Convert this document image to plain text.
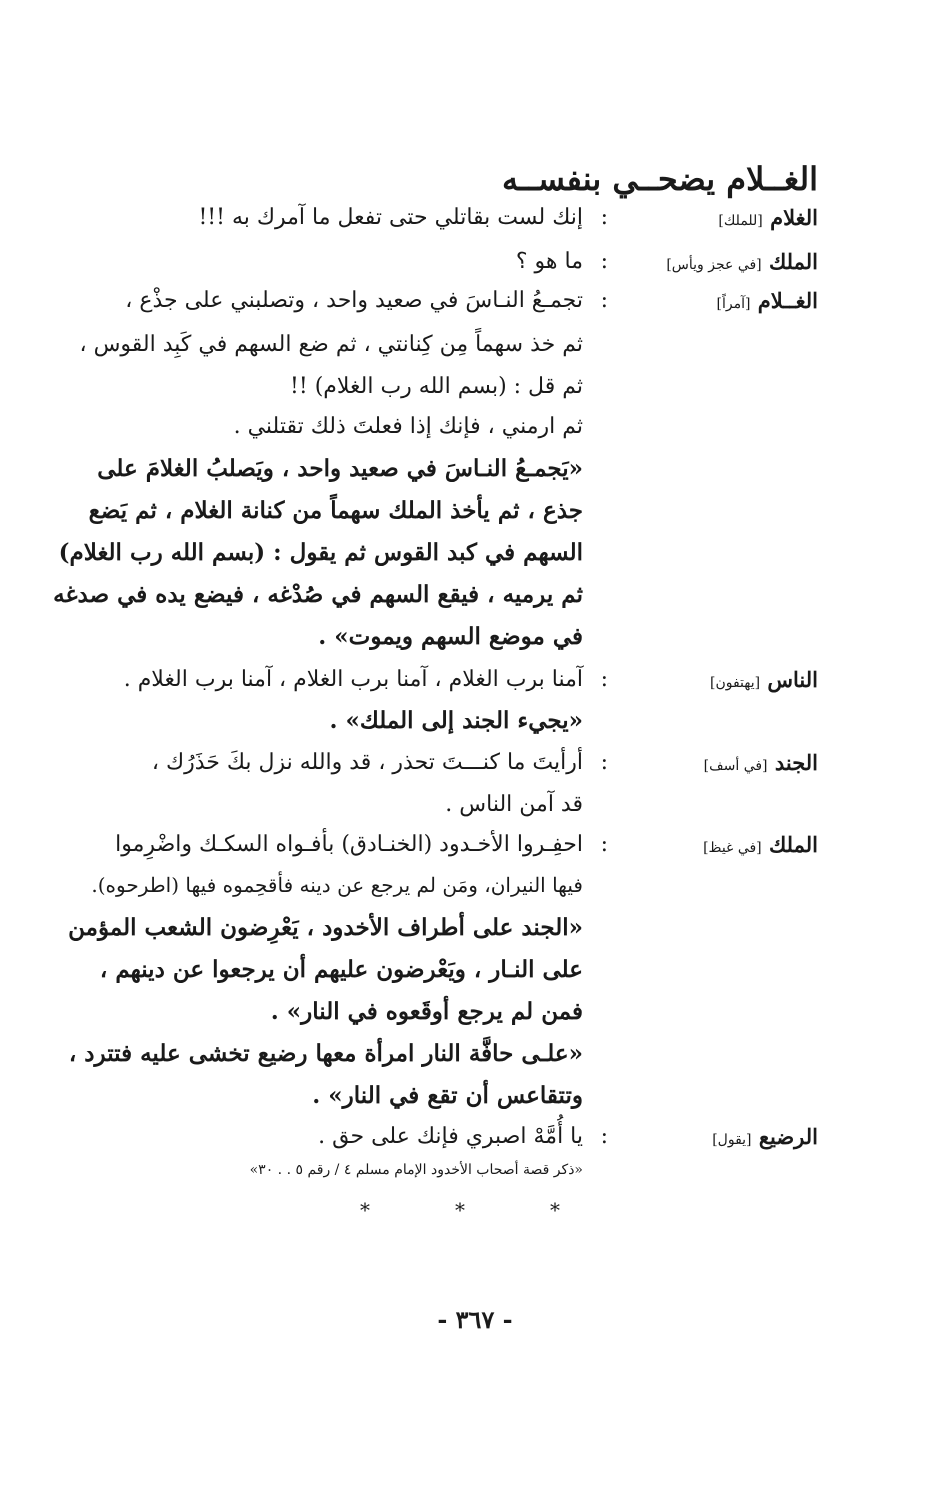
الغــلام يضحــي بنفســه
الغلام [للملك]
:
إنك لست بقاتلي حتى تفعل ما آمرك به !!!
الملك [في عجز ويأس]
:
ما هو ؟
الغــلام [آمراً]
:
تجمـعُ النـاسَ في صعيد واحد ، وتصلبني على جذْع ،
ثم خذ سهماً مِن كِنانتي ، ثم ضع السهم في كَبِد القوس ،
ثم قل : (بسم الله رب الغلام) !!
ثم ارمني ، فإنك إذا فعلتَ ذلك تقتلني .
«يَجمـعُ النـاسَ في صعيد واحد ، ويَصلبُ الغلامَ على
جذع ، ثم يأخذ الملك سهماً من كنانة الغلام ، ثم يَضع
السهم في كبد القوس ثم يقول : (بسم الله رب الغلام)
ثم يرميه ، فيقع السهم في صُدْغه ، فيضع يده في صدغه
في موضع السهم ويموت» .
الناس [يهتفون]
:
آمنا برب الغلام ، آمنا برب الغلام ، آمنا برب الغلام .
«يجيء الجند إلى الملك» .
الجند [في أسف]
:
أرأيتَ ما كنـــتَ تحذر ، قد والله نزل بكَ حَذَرُك ،
قد آمن الناس .
الملك [في غيظ]
:
احفِـروا الأخـدود (الخنـادق) بأفـواه السكـك واضْرِموا
فيها النيران، ومَن لم يرجع عن دينه فأقحِموه فيها (اطرحوه).
«الجند على أطراف الأخدود ، يَعْرِضون الشعب المؤمن
على النـار ، ويَعْرضون عليهم أن يرجعوا عن دينهم ،
فمن لم يرجع أوقَعوه في النار» .
«علـى حافَّة النار امرأة معها رضيع تخشى عليه فتترد ،
وتتقاعس أن تقع في النار» .
الرضيع [يقول]
:
يا أُمَّهْ اصبري فإنك على حق .
«ذكر قصة أصحاب الأخدود الإمام مسلم ٤ / رقم ٥ . . ٣٠»
*	*	*
- ٣٦٧ -
